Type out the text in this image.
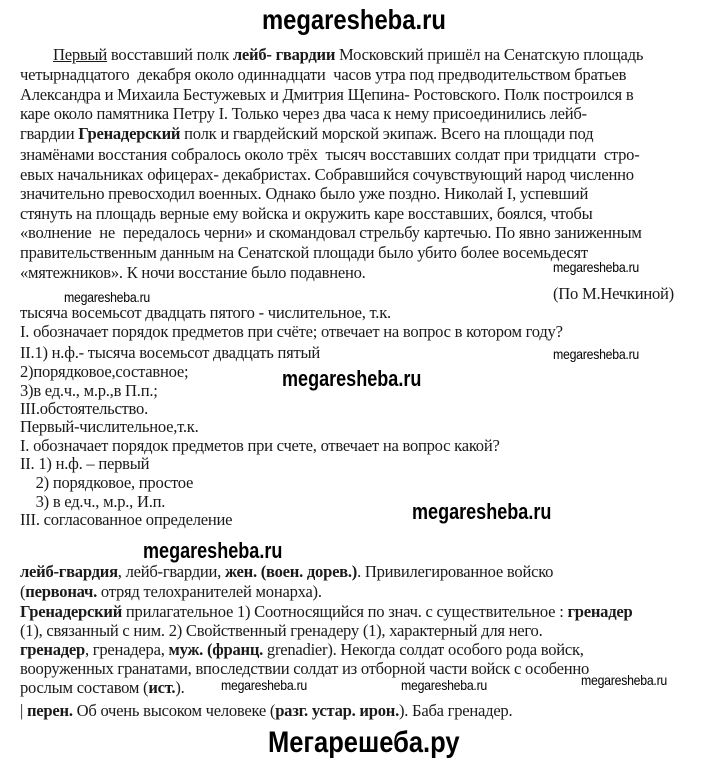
megaresheba.ru
Первый восставший полк лейб- гвардии Московский пришёл на Сенатскую площадь
четырнадцатого  декабря около одиннадцати  часов утра под предводительством братьев
Александра и Михаила Бестужевых и Дмитрия Щепина- Ростовского. Полк построился в
каре около памятника Петру I. Только через два часа к нему присоединились лейб-
гвардии Гренадерский полк и гвардейский морской экипаж. Всего на площади под
знамёнами восстания собралось около трёх  тысяч восставших солдат при тридцати  стро-
евых начальниках офицерах- декабристах. Собравшийся сочувствующий народ численно
значительно превосходил военных. Однако было уже поздно. Николай I, успевший
стянуть на площадь верные ему войска и окружить каре восставших, боялся, чтобы
«волнение  не  передалось черни» и скомандовал стрельбу картечью. По явно заниженным
правительственным данным на Сенатской площади было убито более восемьдесят
«мятежников». К ночи восстание было подавнено.
(По М.Нечкиной)
тысяча восемьсот двадцать пятого - числительное, т.к.
I. обозначает порядок предметов при счёте; отвечает на вопрос в котором году?
II.1) н.ф.- тысяча восемьсот двадцать пятый
2)порядковое,составное;
3)в ед.ч., м.р.,в П.п.;
III.обстоятельство.
Первый-числительное,т.к.
I. обозначает порядок предметов при счете, отвечает на вопрос какой?
II. 1) н.ф. – первый
2) порядковое, простое
3) в ед.ч., м.р., И.п.
III. согласованное определение
лейб-гвардия, лейб-гвардии, жен. (воен. дорев.). Привилегированное войско
(первонач. отряд телохранителей монарха).
Гренадерский прилагательное 1) Соотносящийся по знач. с существительное : гренадер
(1), связанный с ним. 2) Свойственный гренадеру (1), характерный для него.
гренадер, гренадера, муж. (франц. grenadier). Некогда солдат особого рода войск,
вооруженных гранатами, впоследствии солдат из отборной части войск с особенно
рослым составом (ист.).
| перен. Об очень высоком человеке (разг. устар. ирон.). Баба гренадер.
megaresheba.ru
megaresheba.ru
megaresheba.ru
megaresheba.ru
megaresheba.ru
megaresheba.ru
megaresheba.ru	megaresheba.ru	megaresheba.ru
Мегарешеба.ру
